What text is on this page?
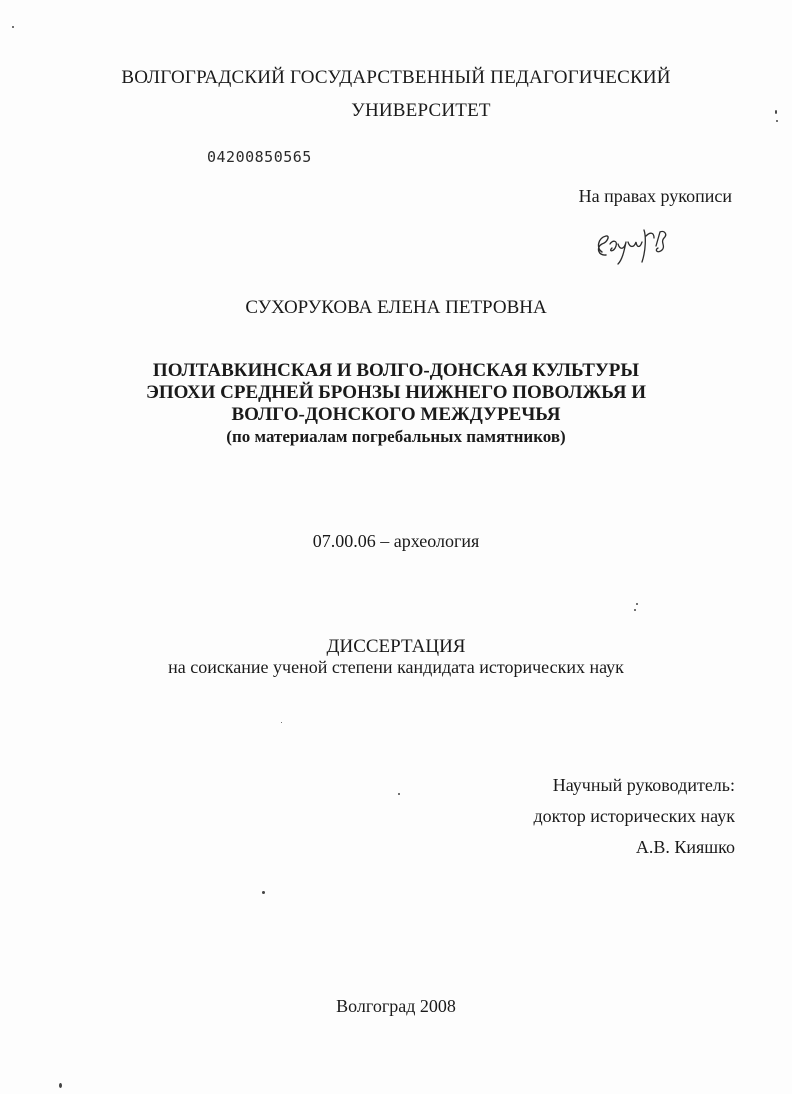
ВОЛГОГРАДСКИЙ ГОСУДАРСТВЕННЫЙ ПЕДАГОГИЧЕСКИЙ
УНИВЕРСИТЕТ
04200850565
На правах рукописи
СУХОРУКОВА ЕЛЕНА ПЕТРОВНА
ПОЛТАВКИНСКАЯ И ВОЛГО-ДОНСКАЯ КУЛЬТУРЫ
ЭПОХИ СРЕДНЕЙ БРОНЗЫ НИЖНЕГО ПОВОЛЖЬЯ И
ВОЛГО-ДОНСКОГО МЕЖДУРЕЧЬЯ
(по материалам погребальных памятников)
07.00.06 – археология
ДИССЕРТАЦИЯ
на соискание ученой степени кандидата исторических наук
Научный руководитель:
доктор исторических наук
А.В. Кияшко
Волгоград 2008
